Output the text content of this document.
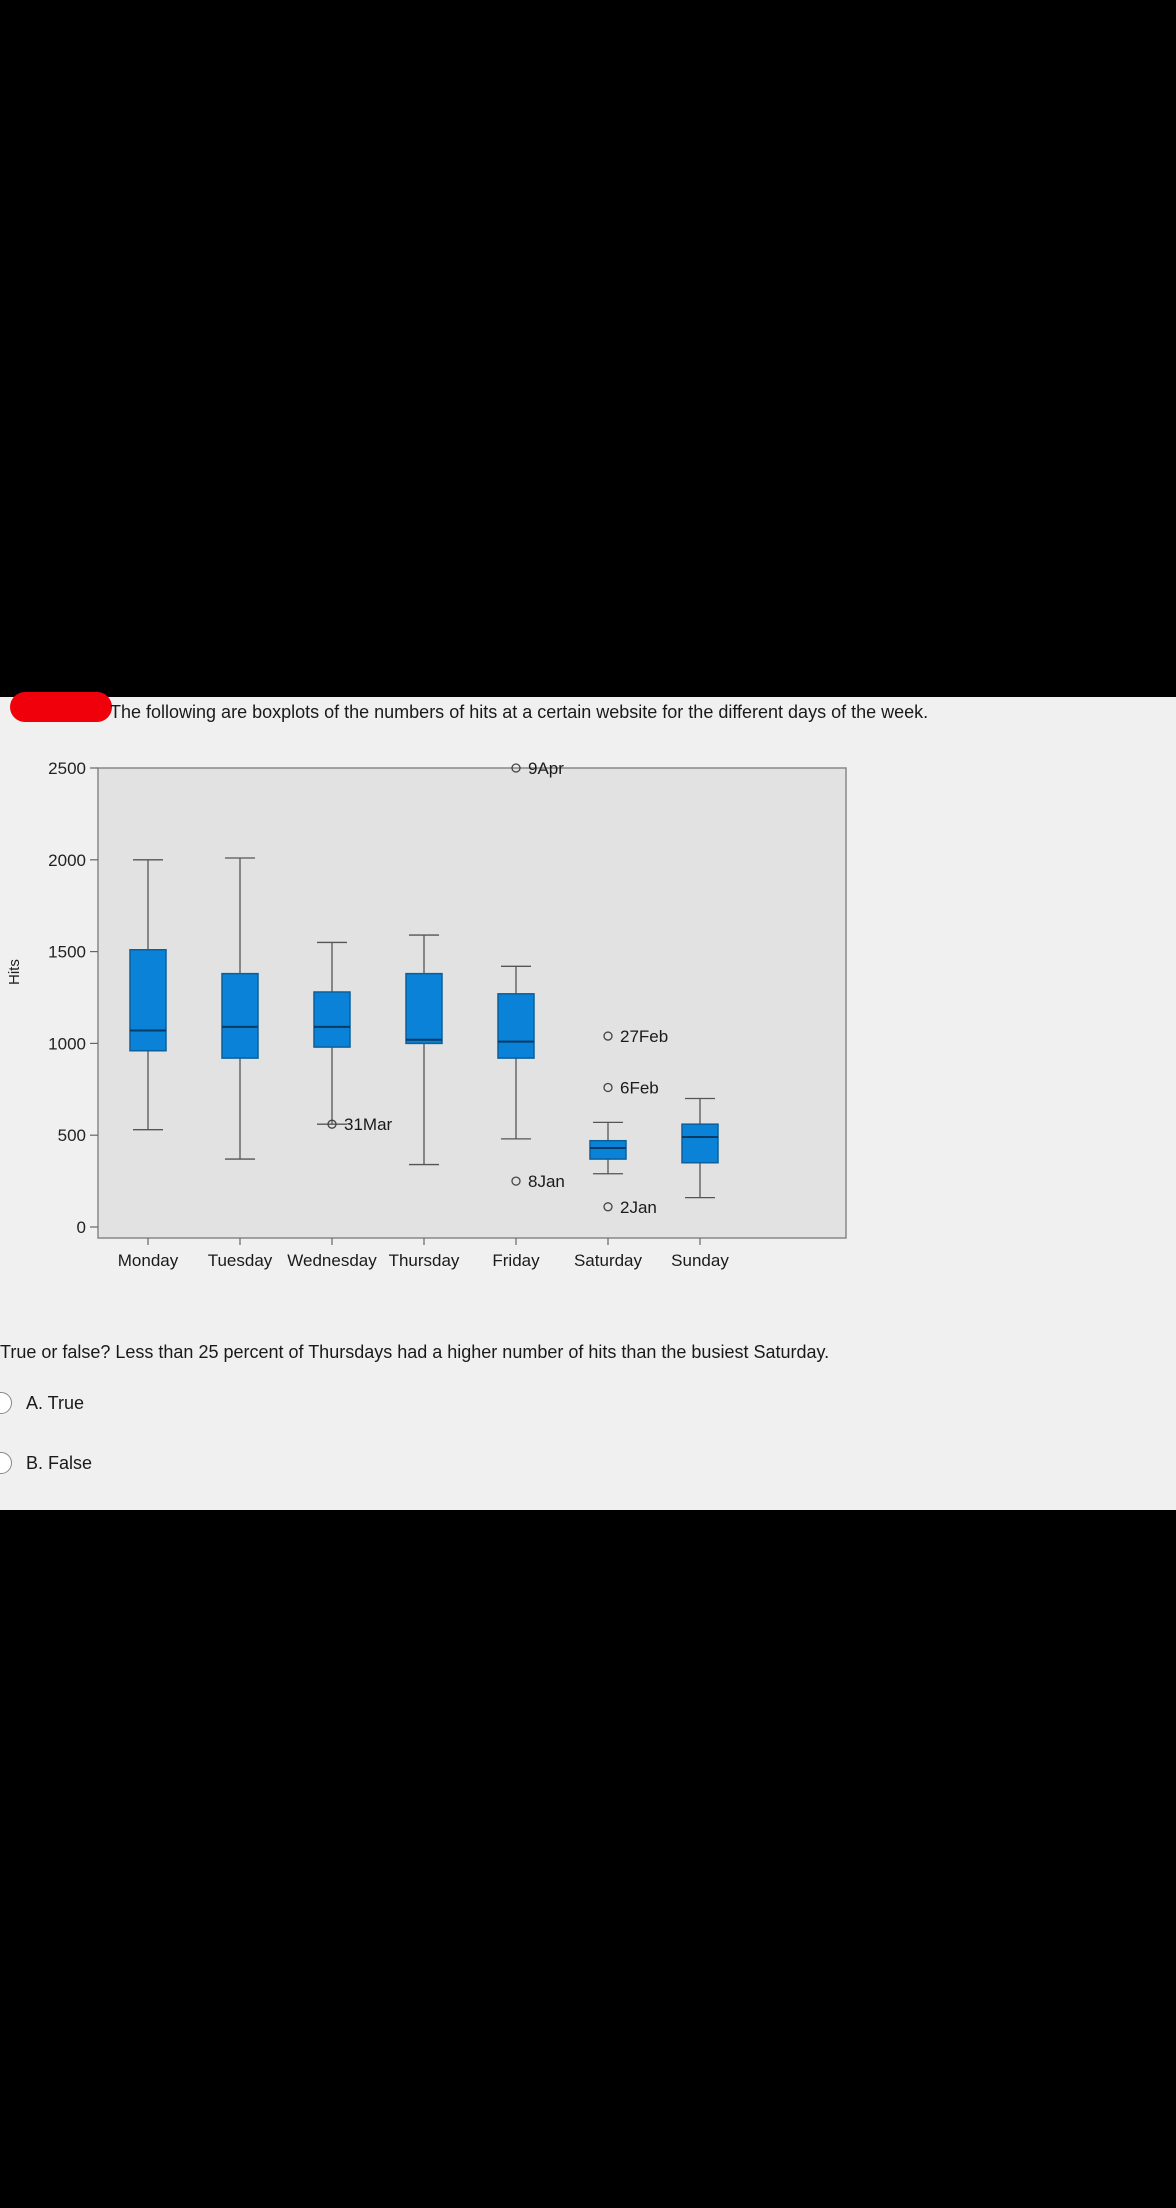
The following are boxplots of the numbers of hits at a certain website for the different days of the week.
Hits
0
500
1000
1500
2000
2500
31Mar
9Apr
8Jan
27Feb
6Feb
2Jan
Monday Tuesday Wednesday Thursday Friday Saturday Sunday
True or false? Less than 25 percent of Thursdays had a higher number of hits than the busiest Saturday.
A. True
B. False
